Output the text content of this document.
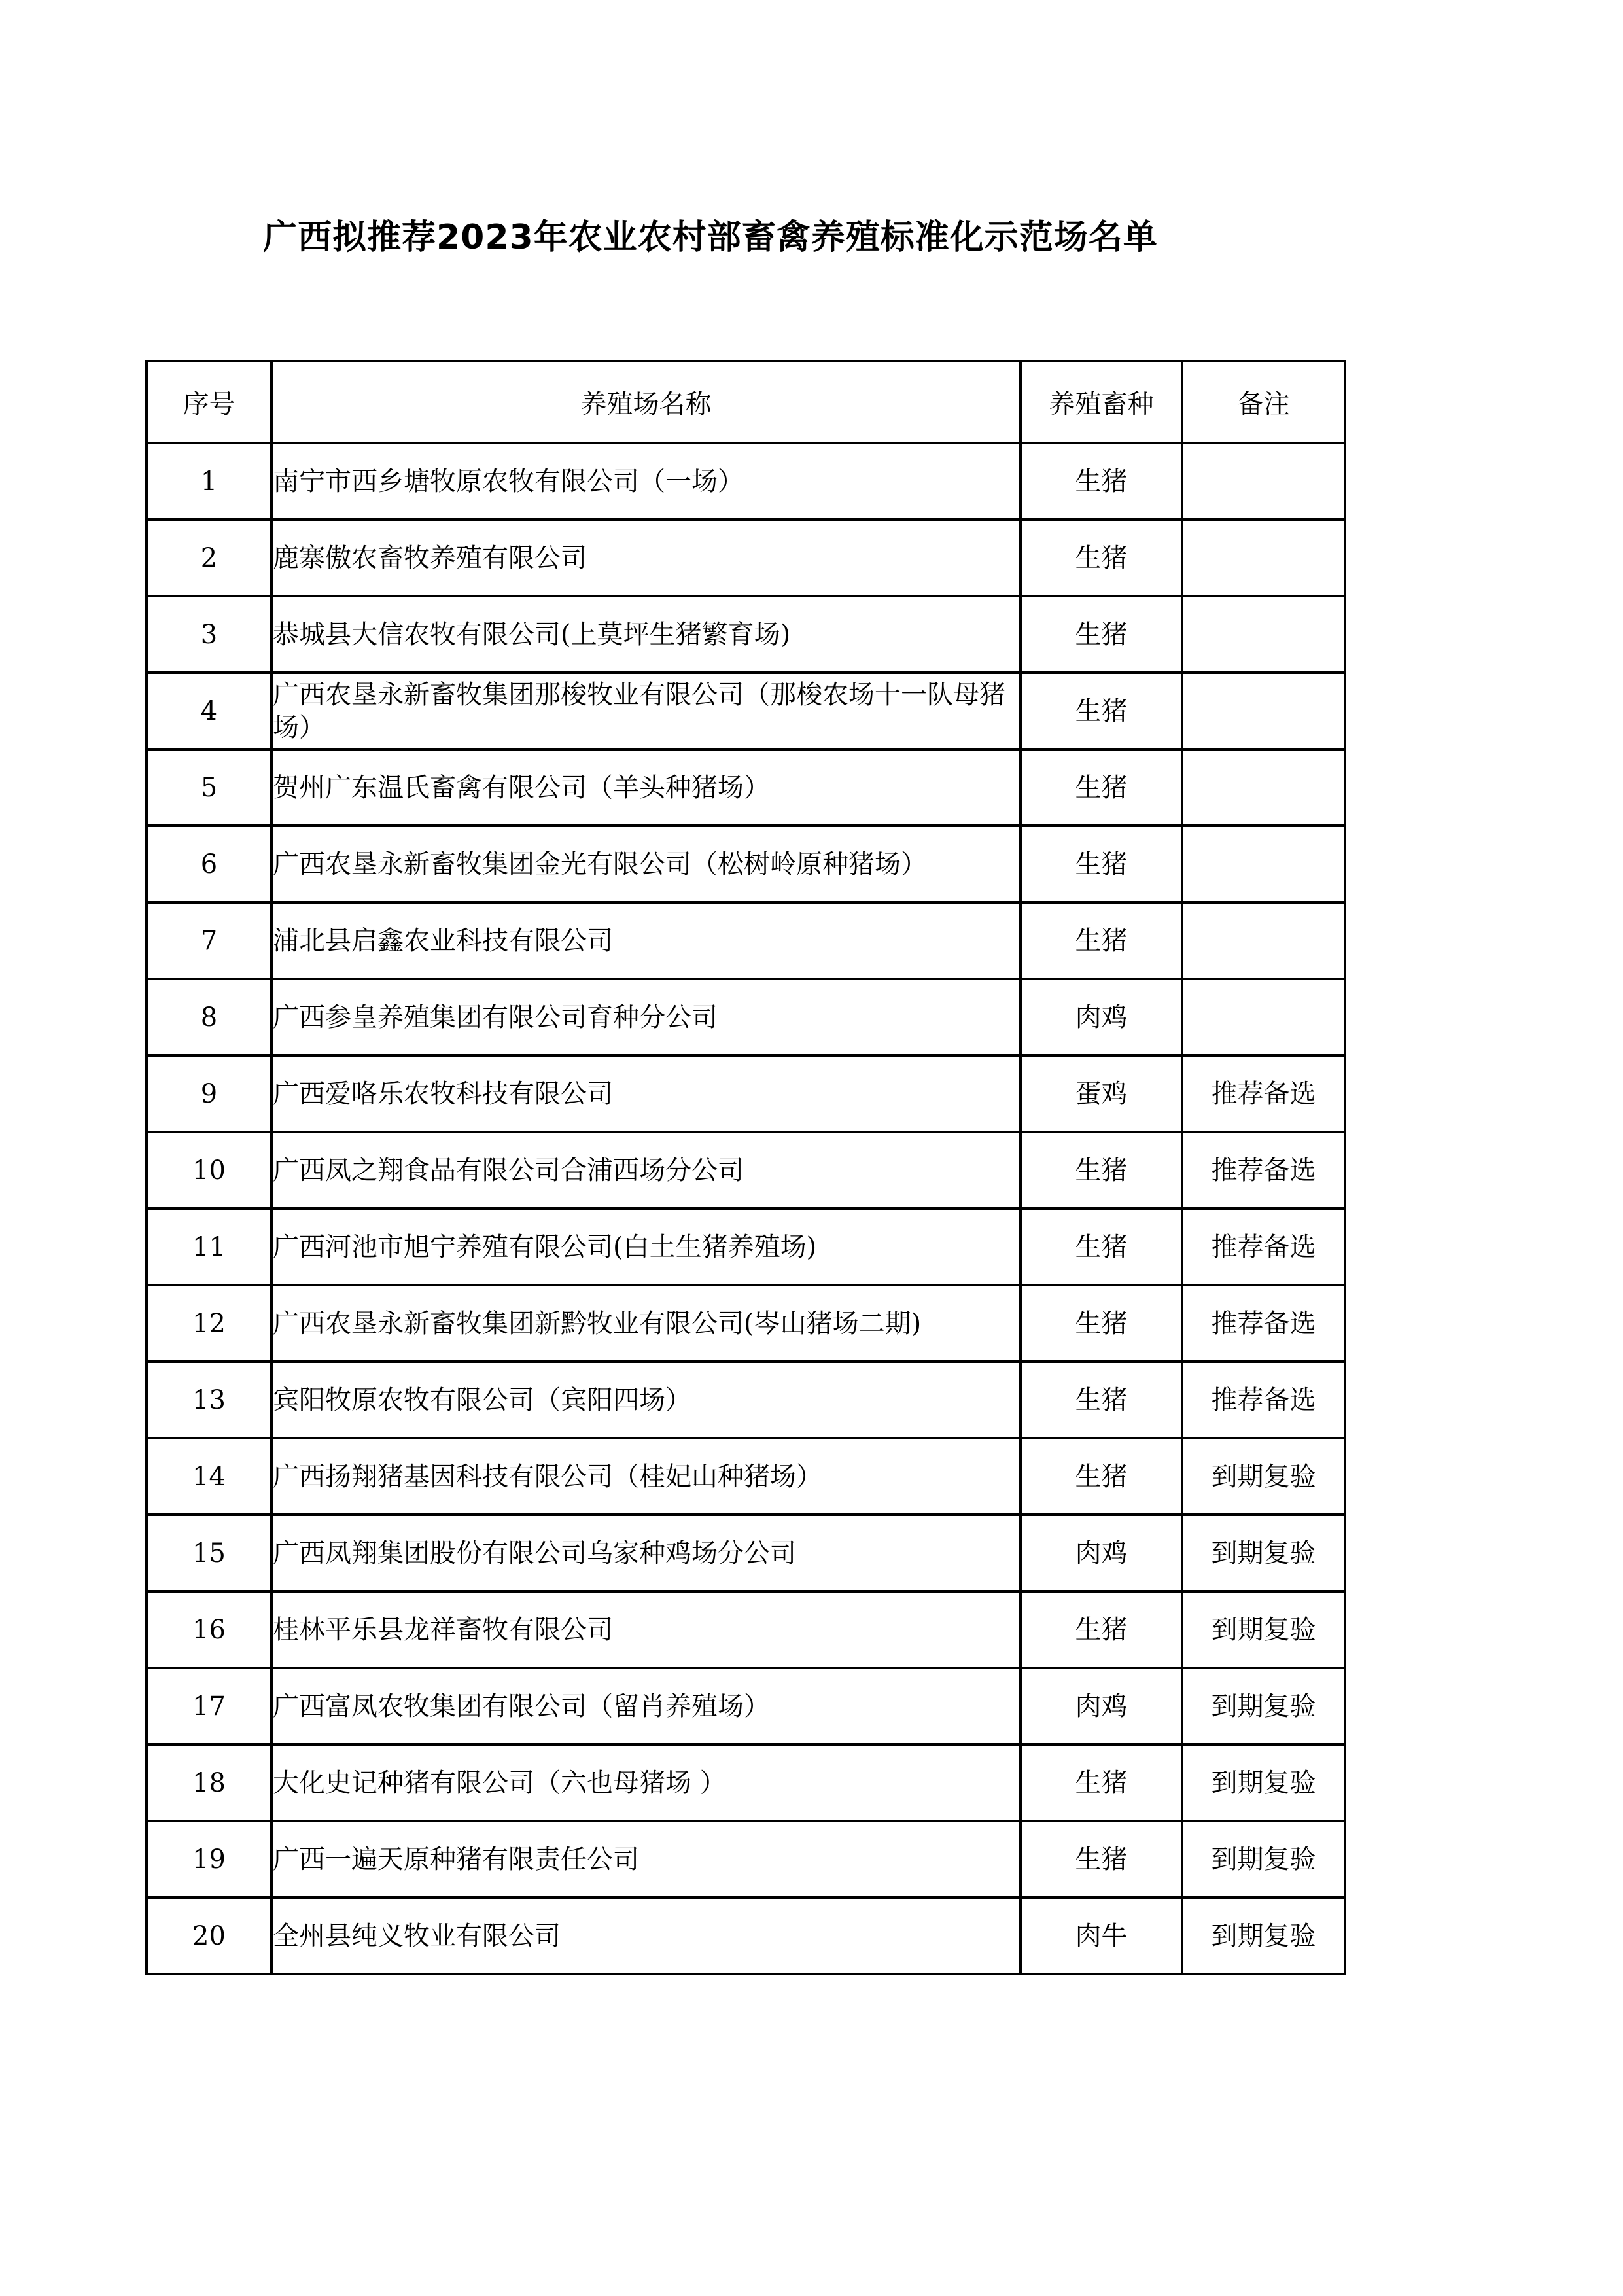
广西拟推荐2023年农业农村部畜禽养殖标准化示范场名单
序号	养殖场名称	养殖畜种	备注
1	南宁市西乡塘牧原农牧有限公司（一场）	生猪	
2	鹿寨傲农畜牧养殖有限公司	生猪	
3	恭城县大信农牧有限公司(上莫坪生猪繁育场)	生猪	
4	广西农垦永新畜牧集团那梭牧业有限公司（那梭农场十一队母猪场）	生猪	
5	贺州广东温氏畜禽有限公司（羊头种猪场）	生猪	
6	广西农垦永新畜牧集团金光有限公司（松树岭原种猪场）	生猪	
7	浦北县启鑫农业科技有限公司	生猪	
8	广西参皇养殖集团有限公司育种分公司	肉鸡	
9	广西爱咯乐农牧科技有限公司	蛋鸡	推荐备选
10	广西凤之翔食品有限公司合浦西场分公司	生猪	推荐备选
11	广西河池市旭宁养殖有限公司(白土生猪养殖场)	生猪	推荐备选
12	广西农垦永新畜牧集团新黔牧业有限公司(岑山猪场二期)	生猪	推荐备选
13	宾阳牧原农牧有限公司（宾阳四场）	生猪	推荐备选
14	广西扬翔猪基因科技有限公司（桂妃山种猪场）	生猪	到期复验
15	广西凤翔集团股份有限公司乌家种鸡场分公司	肉鸡	到期复验
16	桂林平乐县龙祥畜牧有限公司	生猪	到期复验
17	广西富凤农牧集团有限公司（留肖养殖场）	肉鸡	到期复验
18	大化史记种猪有限公司（六也母猪场 ）	生猪	到期复验
19	广西一遍天原种猪有限责任公司	生猪	到期复验
20	全州县纯义牧业有限公司	肉牛	到期复验
